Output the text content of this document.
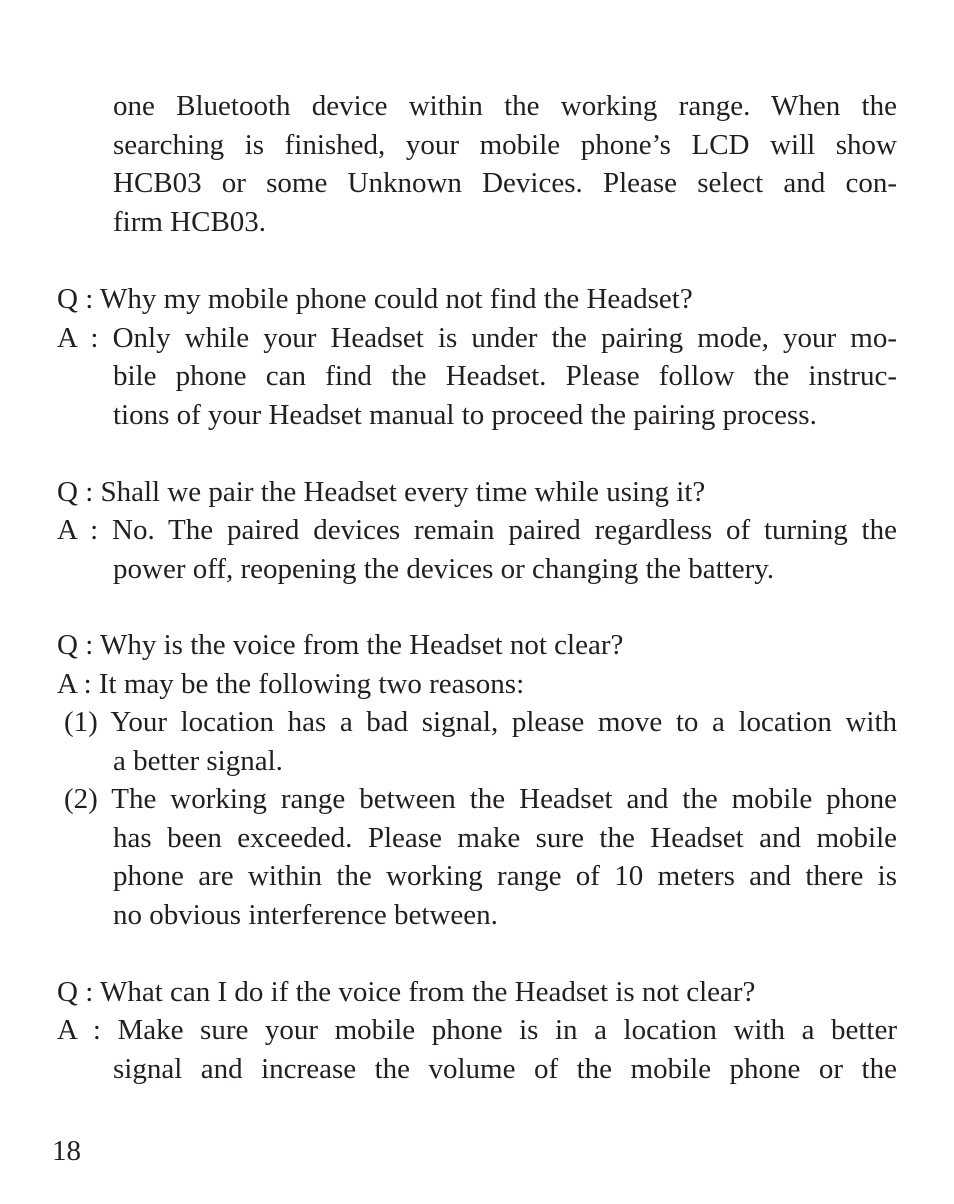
one Bluetooth device within the working range. When the
searching is finished, your mobile phone’s LCD will show
HCB03 or some Unknown Devices. Please select and con-
firm HCB03.
Q : Why my mobile phone could not find the Headset?
A : Only while your Headset is under the pairing mode, your mo-
bile phone can find the Headset. Please follow the instruc-
tions of your Headset manual to proceed the pairing process.
Q : Shall we pair the Headset every time while using it?
A : No. The paired devices remain paired regardless of turning the
power off, reopening the devices or changing the battery.
Q : Why is the voice from the Headset not clear?
A : It may be the following two reasons:
(1) Your location has a bad signal, please move to a location with
a better signal.
(2) The working range between the Headset and the mobile phone
has been exceeded. Please make sure the Headset and mobile
phone are within the working range of 10 meters and there is
no obvious interference between.
Q : What can I do if the voice from the Headset is not clear?
A : Make sure your mobile phone is in a location with a better
signal and increase the volume of the mobile phone or the
18
